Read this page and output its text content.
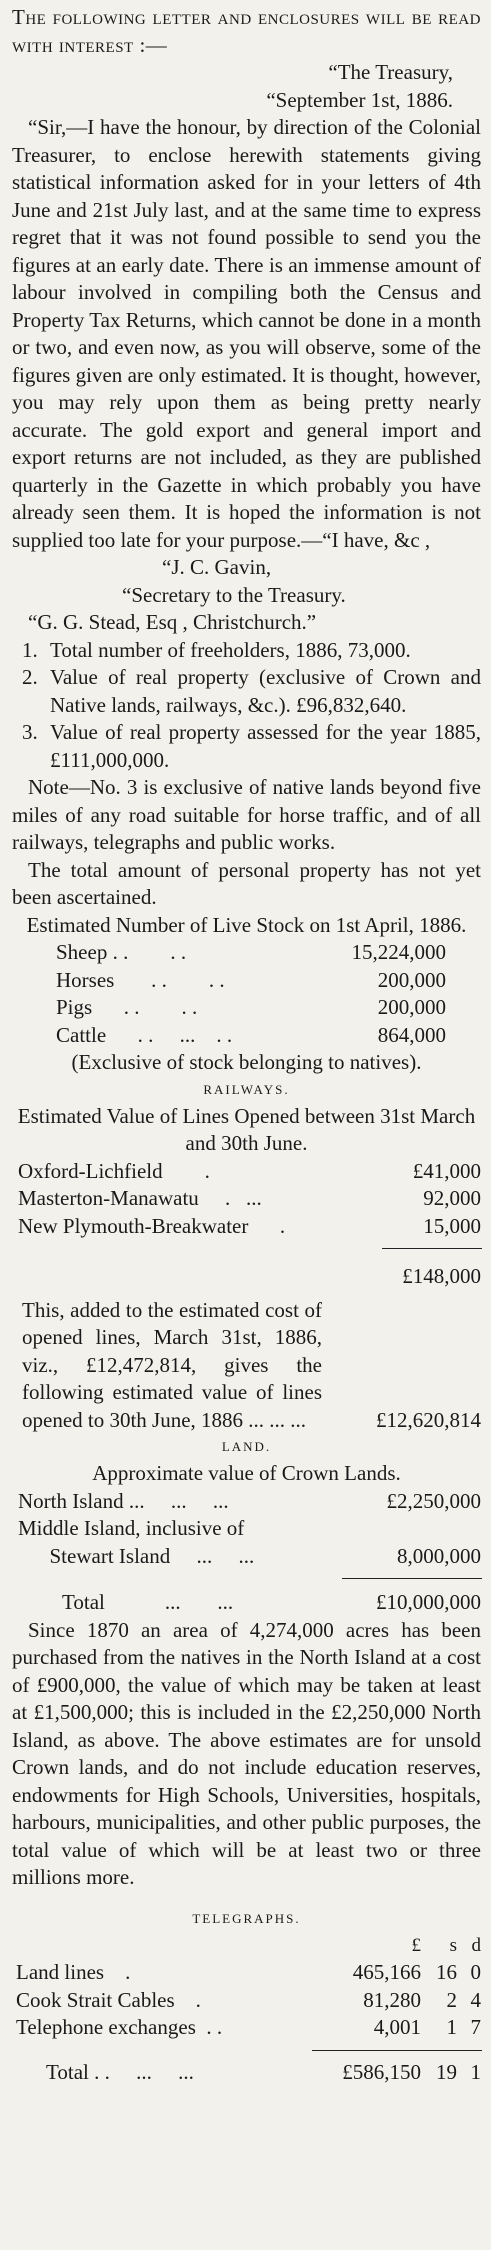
The following letter and enclosures will be read with interest :—

“The Treasury,

“September 1st, 1886.

“Sir,—I have the honour, by direction of the Colonial Treasurer, to enclose herewith statements giving statistical information asked for in your letters of 4th June and 21st July last, and at the same time to express regret that it was not found possible to send you the figures at an early date. There is an immense amount of labour involved in compiling both the Census and Property Tax Returns, which cannot be done in a month or two, and even now, as you will observe, some of the figures given are only estimated. It is thought, however, you may rely upon them as being pretty nearly accurate. The gold export and general import and export returns are not included, as they are published quarterly in the Gazette in which probably you have already seen them. It is hoped the information is not supplied too late for your purpose.—“I have, &c ,

“J. C. Gavin,

“Secretary to the Treasury.

“G. G. Stead, Esq , Christchurch.”

1. Total number of freeholders, 1886, 73,000.
2. Value of real property (exclusive of Crown and Native lands, railways, &c.). £96,832,640.
3. Value of real property assessed for the year 1885, £111,000,000.

Note—No. 3 is exclusive of native lands beyond five miles of any road suitable for horse traffic, and of all railways, telegraphs and public works.

The total amount of personal property has not yet been ascertained.

Estimated Number of Live Stock on 1st April, 1886.

Sheep . .        . .	15,224,000
Horses       . .        . .	200,000
Pigs      . .        . .	200,000
Cattle      . .     ...    . .	864,000

(Exclusive of stock belonging to natives).

RAILWAYS.

Estimated Value of Lines Opened between 31st March and 30th June.

Oxford-Lichfield        .	£41,000
Masterton-Manawatu     .   ...	92,000
New Plymouth-Breakwater      .	15,000
£148,000
This, added to the estimated cost of opened lines, March 31st, 1886, viz., £12,472,814, gives the following estimated value of lines opened to 30th June, 1886 ... ... ...	£12,620,814
LAND.

Approximate value of Crown Lands.

North Island ...     ...     ...	£2,250,000
Middle Island, inclusive of
Stewart Island     ...     ...	8,000,000
Total	...       ...	£10,000,000

Since 1870 an area of 4,274,000 acres has been purchased from the natives in the North Island at a cost of £900,000, the value of which may be taken at least at £1,500,000; this is included in the £2,250,000 North Island, as above. The above estimates are for unsold Crown lands, and do not include education reserves, endowments for High Schools, Universities, hospitals, harbours, municipalities, and other public purposes, the total value of which will be at least two or three millions more.

TELEGRAPHS.
£	s d
Land lines    .	465,166 16 0
Cook Strait Cables    .	81,280	2 4
Telephone exchanges  . .	4,001	1 7
Total . .     ...     ...	£586,150 19 1
